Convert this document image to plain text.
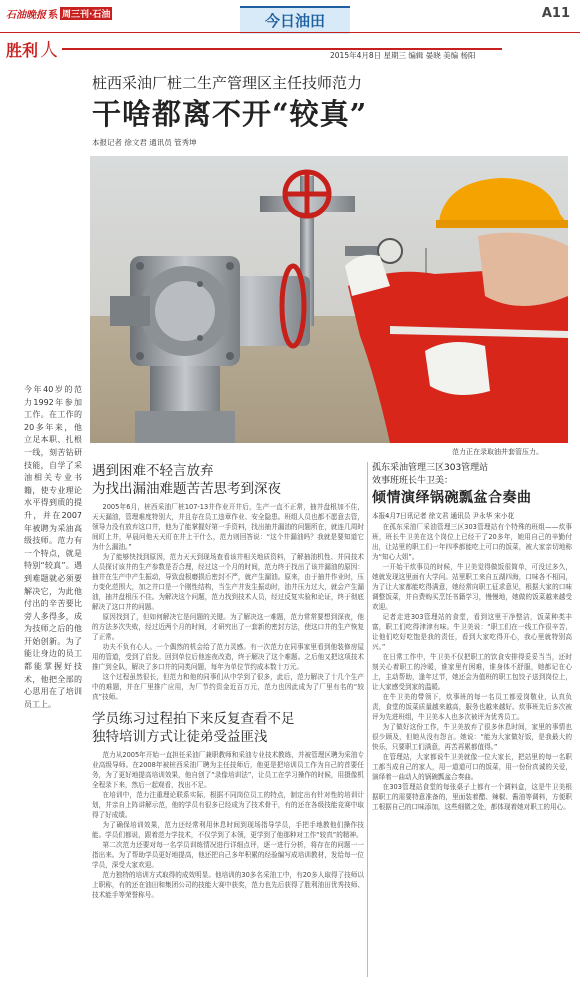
石油晚报 系 周三刊·石油	今日油田	A11
胜利 人	2015年4月8日 星期三 编辑 晏晓 美编 杨阳
桩西采油厂桩二生产管理区主任技师范力
干啥都离不开“较真”
本报记者 徐文君 通讯员 管秀坤
范力正在录取油井套管压力。
今年40岁的范力1992年参加工作。在工作的20多年来，他立足本职、扎根一线，刻苦钻研技能，自学了采油相关专业书籍，使专业理论水平得到质的提升，并在2007年被聘为采油高级技师。范力有一个特点，就是特别“较真”。遇到难题就必须要解决它，为此他付出的辛苦要比旁人多得多，成为技师之后的他开始创新。为了能让身边的员工都能掌握好技术，他把全部的心思用在了培训员工上。
遇到困难不轻言放弃
为找出漏油难题苦苦思考到深夜

2005年6月，桩西采油厂桩107-13井作业开井后，生产一直不正常，抽井盘根加不住，天天漏油，管理难度特别大，并且存在员工违章作业、安全隐患。班组人员也都不愿意去管，领导力没有放弃这口井，他为了能掌握好第一手资料，找出抽井漏油的问题所在，就连几周时间盯上井，早晨问他天天盯在井上干什么，范力则回答说：“这个井漏油吗？我就是要知道它为什么漏油。”

为了能够快找到原因，范力天天到现场查看该井相关地质资料，了解抽油机性、并同技术人员探讨该井的生产参数是否合理，经过这一个月的时间，范力终于找出了该井漏油的原因：抽井在生产中产生振动，导致盘根磨损后密封不严，就产生漏油。原来，由于抽井作业时，压力变化范围大，加之井口是一个刚性结构，当生产井发生振动时，油井压力过大，就会产生漏油，抽井盘根压不住。为解决这个问题，范力找到技术人员，经过反复实验和论证，终于彻底解决了这口井的问题。

原因找到了，但如何解决它是问题的关键。为了解决这一难题，范力常常要想到深夜，他的方法多次失败，经过近两个月的时间，才研究出了一套新的密封方法，使这口井的生产恢复了正常。

功夫不负有心人。一个偶然的机会给了范力灵感。有一次范力在同事家里看到他装修房屋用的管道，受到了启发。回到单位后他连夜改造，终于解决了这个难题。之后他又把这项技术推广到全队，解决了多口井的同类问题，每年为单位节约成本数十万元。

这个过程虽然很长，但范力和他的同事们从中学到了很多，此后，范力解决了十几个生产中的难题，并在厂里推广应用，为厂节约资金近百万元，范力也因此成为了厂里有名的“较真”技师。

学员练习过程拍下来反复查看不足
独特培训方式让徒弟受益匪浅

范力从2005年开始一直担任采油厂兼职教师和采油专业技术教练，并被管理区聘为采油专业高级导师。在2008年被桩西采油厂聘为主任技师后，他更是把培训员工作为自己的首要任务，为了更好地提高培训效果，他自创了“录像培训法”，让员工在学习操作的时候，用摄像机全程录下来，然后一起观看，找出不足。

在培训中，范力注重理论联系实际，根据不同岗位员工的特点，制定出有针对性的培训计划，并亲自上阵讲解示范，他的学员有很多已经成为了技术骨干，有的还在各级技能竞赛中取得了好成绩。

为了确保培训效果，范力还经常利用休息时间到现场指导学员，手把手地教他们操作技能。学员们都说，跟着范力学技术，不仅学到了本领，更学到了他那种对工作“较真”的精神。

第二次范力还要对每一名学员训练情况进行详细点评，逐一进行分析，将存在的问题一一指出来。为了帮助学员更好地提高，他还把自己多年积累的经验编写成培训教材，发给每一位学员，深受大家欢迎。

范力独特的培训方式取得的成效明显。他培训的30多名采油工中，有20多人取得了技师以上职称，有的还在油田和集团公司的技能大赛中获奖，范力也先后获得了胜利油田优秀技师、技术能手等荣誉称号。

孤东采油管理三区303管理站
效事班班长牛卫美：
倾情演绎锅碗瓢盆合奏曲
本报4月7日讯记者 徐文君 通讯员 尹永华 宋小花

在孤东采油厂采油管理三区303管理站有个特殊的班组——炊事班，班长牛卫美在这个岗位上已经干了20多年，她用自己的辛勤付出，让站里的职工们一年四季都能吃上可口的饭菜，被大家亲切地称为“知心大姐”。

一开始干炊事员的时候，牛卫美觉得做饭很简单，可没过多久，她就发现这里面有大学问。站里职工来自五湖四海，口味各不相同，为了让大家都能吃得满意，她经常向职工征求意见，根据大家的口味调整饭菜，并自费购买烹饪书籍学习，慢慢地，她做的饭菜越来越受欢迎。

记者走进303管理站的食堂，看到这里干净整洁，饭菜种类丰富，职工们吃得津津有味。牛卫美说：“职工们在一线工作很辛苦，让他们吃好吃饱是我的责任，看到大家吃得开心，我心里就特别高兴。”

在日常工作中，牛卫美不仅把职工的饮食安排得妥妥当当，还时刻关心着职工的冷暖，谁家里有困难，谁身体不舒服，她都记在心上，主动帮助，逢年过节，她还会为值班的职工包饺子送到岗位上，让大家感受到家的温暖。

在牛卫美的带领下，炊事班的每一名员工都爱岗敬业，认真负责，食堂的饭菜质量越来越高，服务也越来越好。炊事班先后多次被评为先进班组，牛卫美本人也多次被评为优秀员工。

为了做好这份工作，牛卫美放弃了很多休息时间，家里的事情也很少顾及，但她从没有怨言。她说：“能为大家做好饭，是我最大的快乐，只要职工们满意，再苦再累都值得。”

在管理站，大家都说牛卫美就像一位大家长，把站里的每一名职工都当成自己的家人，用一道道可口的饭菜，用一份份真诚的关爱，演绎着一曲动人的锅碗瓢盆合奏曲。

在303管理站食堂的每张桌子上都有一个调料盒，这是牛卫美根据职工的需要特意准备的，里面装着醋、辣椒、酱油等调料，方便职工根据自己的口味添加，这些细微之处，都体现着她对职工的用心。
